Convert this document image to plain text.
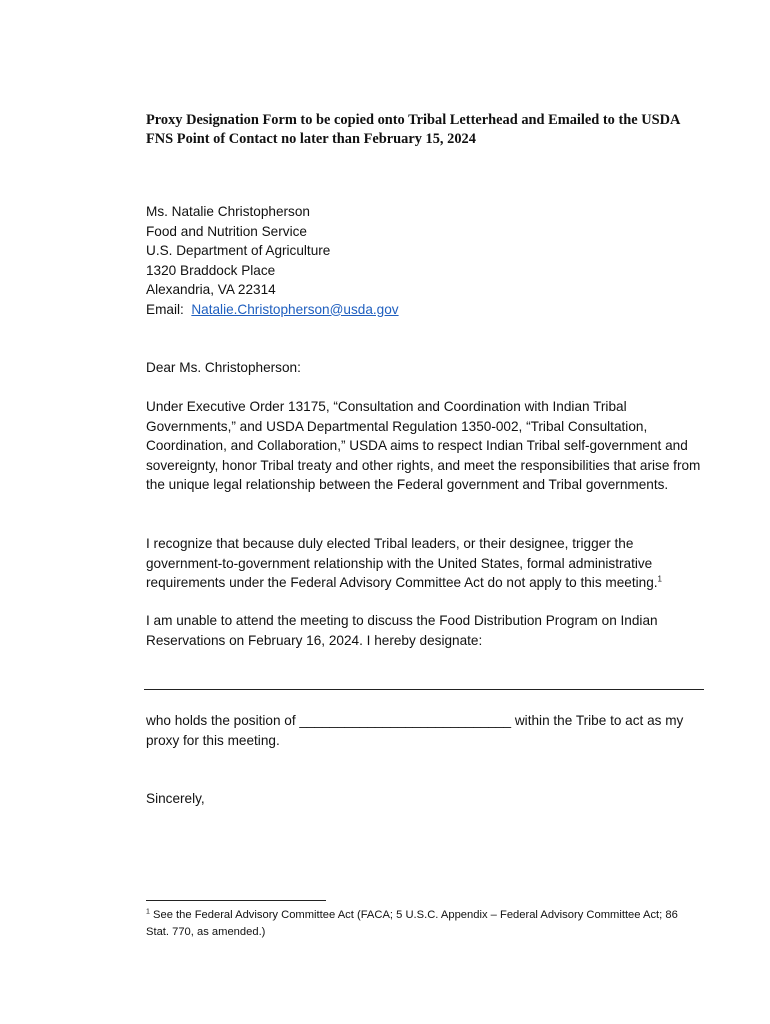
Proxy Designation Form to be copied onto Tribal Letterhead and Emailed to the USDA FNS Point of Contact no later than February 15, 2024

Ms. Natalie Christopherson
Food and Nutrition Service
U.S. Department of Agriculture
1320 Braddock Place
Alexandria, VA 22314
Email: Natalie.Christopherson@usda.gov

Dear Ms. Christopherson:

Under Executive Order 13175, “Consultation and Coordination with Indian Tribal Governments,” and USDA Departmental Regulation 1350-002, “Tribal Consultation, Coordination, and Collaboration,” USDA aims to respect Indian Tribal self-government and sovereignty, honor Tribal treaty and other rights, and meet the responsibilities that arise from the unique legal relationship between the Federal government and Tribal governments.

I recognize that because duly elected Tribal leaders, or their designee, trigger the government-to-government relationship with the United States, formal administrative requirements under the Federal Advisory Committee Act do not apply to this meeting.$^1$

I am unable to attend the meeting to discuss the Food Distribution Program on Indian Reservations on February 16, 2024. I hereby designate:

who holds the position of ____________________________ within the Tribe to act as my proxy for this meeting.

Sincerely,

$^1$ See the Federal Advisory Committee Act (FACA; 5 U.S.C. Appendix – Federal Advisory Committee Act; 86 Stat. 770, as amended.)
